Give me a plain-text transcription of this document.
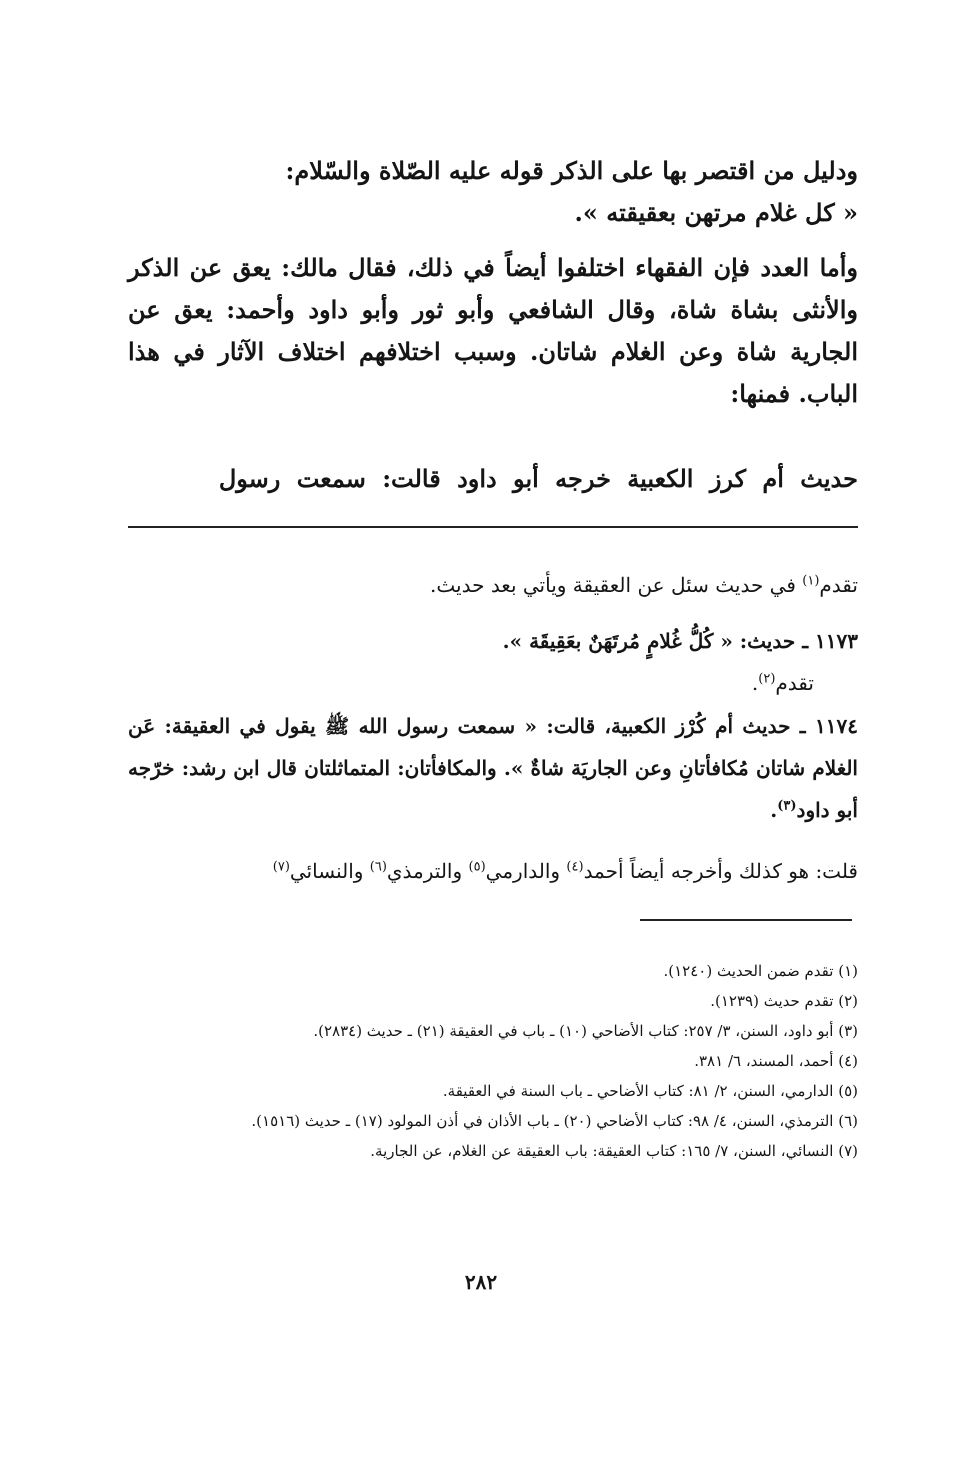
ودليل من اقتصر بها على الذكر قوله عليه الصّلاة والسّلام:
« كل غلام مرتهن بعقيقته ».
وأما العدد فإن الفقهاء اختلفوا أيضاً في ذلك، فقال مالك: يعق عن الذكر والأنثى بشاة شاة، وقال الشافعي وأبو ثور وأبو داود وأحمد: يعق عن الجارية شاة وعن الغلام شاتان. وسبب اختلافهم اختلاف الآثار في هذا الباب. فمنها:
حديث أم كرز الكعبية خرجه أبو داود قالت: سمعت رسول
تقدم$^{(١)}$ في حديث سئل عن العقيقة ويأتي بعد حديث.
١١٧٣ ـ حديث: « كُلُّ غُلامٍ مُرتَهَنٌ بعَقِيقَة ».
تقدم$^{(٢)}$.
١١٧٤ ـ حديث أم كُرْز الكعبية، قالت: « سمعت رسول الله ﷺ يقول في العقيقة: عَن الغلام شاتان مُكافأتانِ وعن الجاريَة شاةٌ ». والمكافأتان: المتماثلتان قال ابن رشد: خرّجه أبو داود$^{(٣)}$.
قلت: هو كذلك وأخرجه أيضاً أحمد$^{(٤)}$ والدارمي$^{(٥)}$ والترمذي$^{(٦)}$ والنسائي$^{(٧)}$

(١) تقدم ضمن الحديث (١٢٤٠).

(٢) تقدم حديث (١٢٣٩).

(٣) أبو داود، السنن، ٣/ ٢٥٧: كتاب الأضاحي (١٠) ـ باب في العقيقة (٢١) ـ حديث (٢٨٣٤).

(٤) أحمد، المسند، ٦/ ٣٨١.

(٥) الدارمي، السنن، ٢/ ٨١: كتاب الأضاحي ـ باب السنة في العقيقة.

(٦) الترمذي، السنن، ٤/ ٩٨: كتاب الأضاحي (٢٠) ـ باب الأذان في أذن المولود (١٧) ـ حديث (١٥١٦).

(٧) النسائي، السنن، ٧/ ١٦٥: كتاب العقيقة: باب العقيقة عن الغلام، عن الجارية.

٢٨٢
